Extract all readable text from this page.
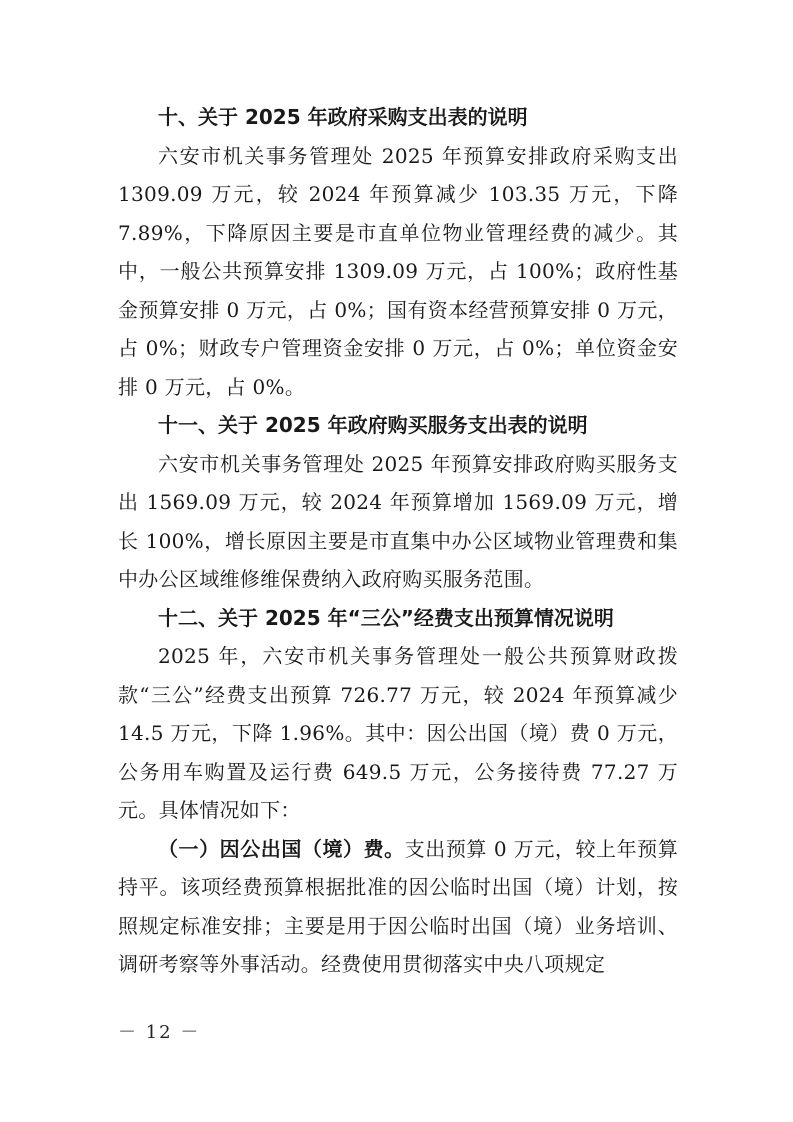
十、关于 2025 年政府采购支出表的说明

六安市机关事务管理处 2025 年预算安排政府采购支出 1309.09 万元，较 2024 年预算减少 103.35 万元，下降 7.89%，下降原因主要是市直单位物业管理经费的减少。其中，一般公共预算安排 1309.09 万元，占 100%；政府性基金预算安排 0 万元，占 0%；国有资本经营预算安排 0 万元，占 0%；财政专户管理资金安排 0 万元，占 0%；单位资金安排 0 万元，占 0%。

十一、关于 2025 年政府购买服务支出表的说明

六安市机关事务管理处 2025 年预算安排政府购买服务支出 1569.09 万元，较 2024 年预算增加 1569.09 万元，增长 100%，增长原因主要是市直集中办公区域物业管理费和集中办公区域维修维保费纳入政府购买服务范围。

十二、关于 2025 年“三公”经费支出预算情况说明

2025 年，六安市机关事务管理处一般公共预算财政拨款“三公”经费支出预算 726.77 万元，较 2024 年预算减少 14.5 万元，下降 1.96%。其中：因公出国（境）费 0 万元，公务用车购置及运行费 649.5 万元，公务接待费 77.27 万元。具体情况如下：

（一）因公出国（境）费。支出预算 0 万元，较上年预算持平。该项经费预算根据批准的因公临时出国（境）计划，按照规定标准安排；主要是用于因公临时出国（境）业务培训、调研考察等外事活动。经费使用贯彻落实中央八项规定

－ 12 －
